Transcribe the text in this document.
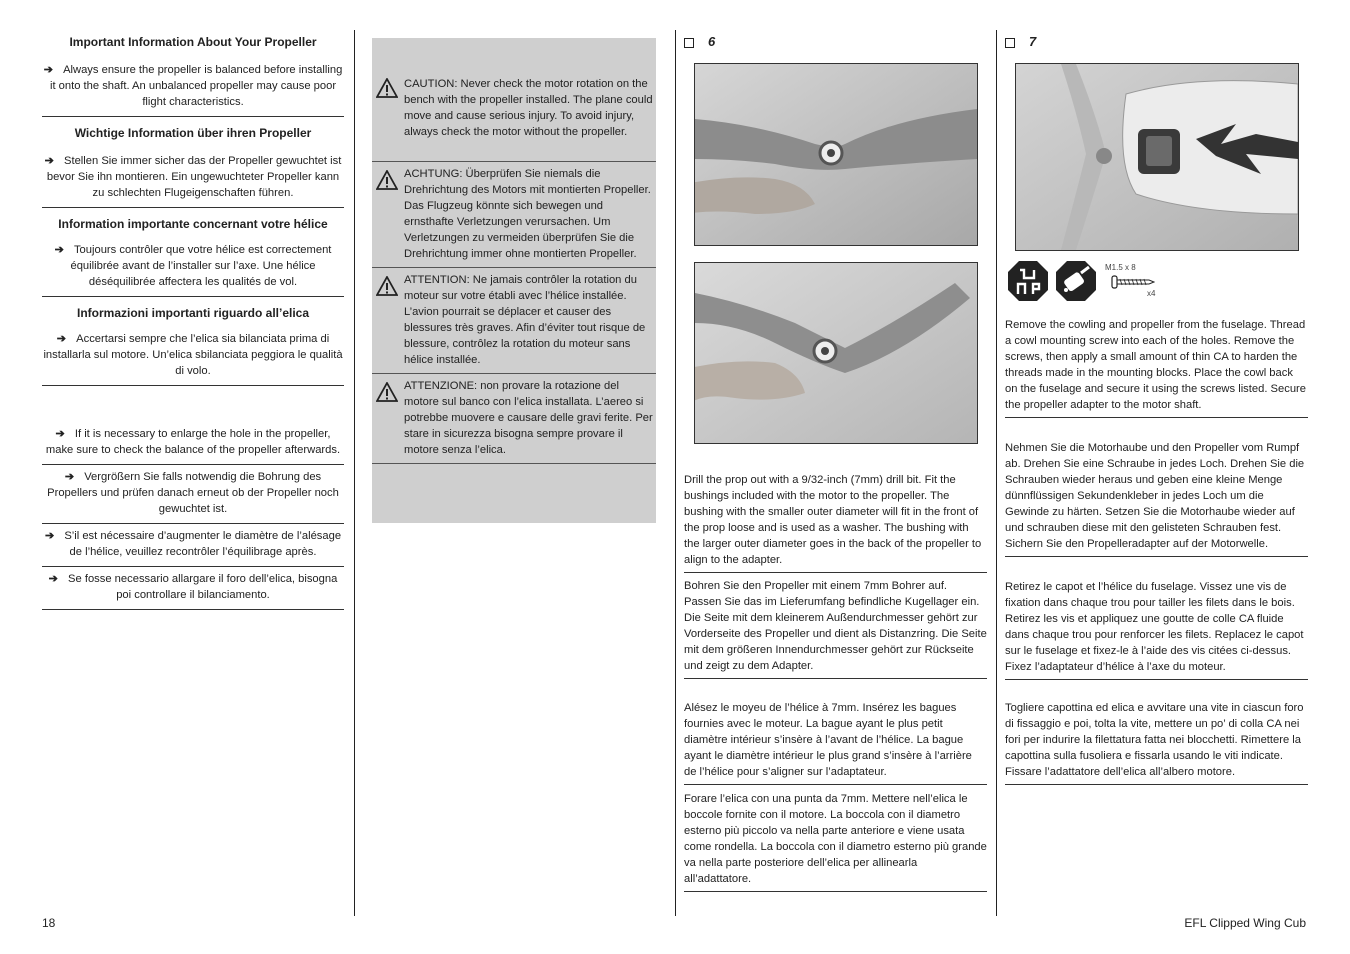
Important Information About Your Propeller
➔ Always ensure the propeller is balanced before installing it onto the shaft. An unbalanced propeller may cause poor flight characteristics.
Wichtige Information über ihren Propeller
➔ Stellen Sie immer sicher das der Propeller gewuchtet ist bevor Sie ihn montieren. Ein ungewuchteter Propeller kann zu schlechten Flugeigenschaften führen.
Information importante concernant votre hélice
➔ Toujours contrôler que votre hélice est correctement équilibrée avant de l’installer sur l’axe. Une hélice déséquilibrée affectera les qualités de vol.
Informazioni importanti riguardo all’elica
➔ Accertarsi sempre che l’elica sia bilanciata prima di installarla sul motore. Un’elica sbilanciata peggiora le qualità di volo.
➔ If it is necessary to enlarge the hole in the propeller, make sure to check the balance of the propeller afterwards.
➔ Vergrößern Sie falls notwendig die Bohrung des Propellers und prüfen danach erneut ob der Propeller noch gewuchtet ist.
➔ S’il est nécessaire d’augmenter le diamètre de l’alésage de l’hélice, veuillez recontrôler l’équilibrage après.
➔ Se fosse necessario allargare il foro dell’elica, bisogna poi controllare il bilanciamento.
CAUTION: Never check the motor rotation on the bench with the propeller installed. The plane could move and cause serious injury. To avoid injury, always check the motor without the propeller.
ACHTUNG: Überprüfen Sie niemals die Drehrichtung des Motors mit montierten Propeller. Das Flugzeug könnte sich bewegen und ernsthafte Verletzungen verursachen. Um Verletzungen zu vermeiden überprüfen Sie die Drehrichtung immer ohne montierten Propeller.
ATTENTION: Ne jamais contrôler la rotation du moteur sur votre établi avec l’hélice installée. L’avion pourrait se déplacer et causer des blessures très graves. Afin d’éviter tout risque de blessure, contrôlez la rotation du moteur sans hélice installée.
ATTENZIONE: non provare la rotazione del motore sul banco con l’elica installata. L’aereo si potrebbe muovere e causare delle gravi ferite. Per stare in sicurezza bisogna sempre provare il motore senza l’elica.
6
Drill the prop out with a 9/32-inch (7mm) drill bit. Fit the bushings included with the motor to the propeller. The bushing with the smaller outer diameter will fit in the front of the prop loose and is used as a washer. The bushing with the larger outer diameter goes in the back of the propeller to align to the adapter.
Bohren Sie den Propeller mit einem 7mm Bohrer auf. Passen Sie das im Lieferumfang befindliche Kugellager ein. Die Seite mit dem kleinerem Außendurchmesser gehört zur Vorderseite des Propeller und dient als Distanzring. Die Seite mit dem größeren Innendurchmesser gehört zur Rückseite und zeigt zu dem Adapter.
Alésez le moyeu de l’hélice à 7mm. Insérez les bagues fournies avec le moteur. La bague ayant le plus petit diamètre intérieur s’insère à l’avant de l’hélice. La bague ayant le diamètre intérieur le plus grand s’insère à l’arrière de l’hélice pour s’aligner sur l’adaptateur.
Forare l’elica con una punta da 7mm. Mettere nell’elica le boccole fornite con il motore. La boccola con il diametro esterno più piccolo va nella parte anteriore e viene usata come rondella. La boccola con il diametro esterno più grande va nella parte posteriore dell’elica per allinearla all’adattatore.
7
M1.5 x 8
x4
Remove the cowling and propeller from the fuselage. Thread a cowl mounting screw into each of the holes. Remove the screws, then apply a small amount of thin CA to harden the threads made in the mounting blocks. Place the cowl back on the fuselage and secure it using the screws listed. Secure the propeller adapter to the motor shaft.
Nehmen Sie die Motorhaube und den Propeller vom Rumpf ab. Drehen Sie eine Schraube in jedes Loch. Drehen Sie die Schrauben wieder heraus und geben eine kleine Menge dünnflüssigen Sekundenkleber in jedes Loch um die Gewinde zu härten. Setzen Sie die Motorhaube wieder auf und schrauben diese mit den gelisteten Schrauben fest. Sichern Sie den Propelleradapter auf der Motorwelle.
Retirez le capot et l’hélice du fuselage. Vissez une vis de fixation dans chaque trou pour tailler les filets dans le bois. Retirez les vis et appliquez une goutte de colle CA fluide dans chaque trou pour renforcer les filets. Replacez le capot sur le fuselage et fixez-le à l’aide des vis citées ci-dessus. Fixez l’adaptateur d’hélice à l’axe du moteur.
Togliere capottina ed elica e avvitare una vite in ciascun foro di fissaggio e poi, tolta la vite, mettere un po’ di colla CA nei fori per indurire la filettatura fatta nei blocchetti. Rimettere la capottina sulla fusoliera e fissarla usando le viti indicate. Fissare l’adattatore dell’elica all’albero motore.
18	EFL Clipped Wing Cub
